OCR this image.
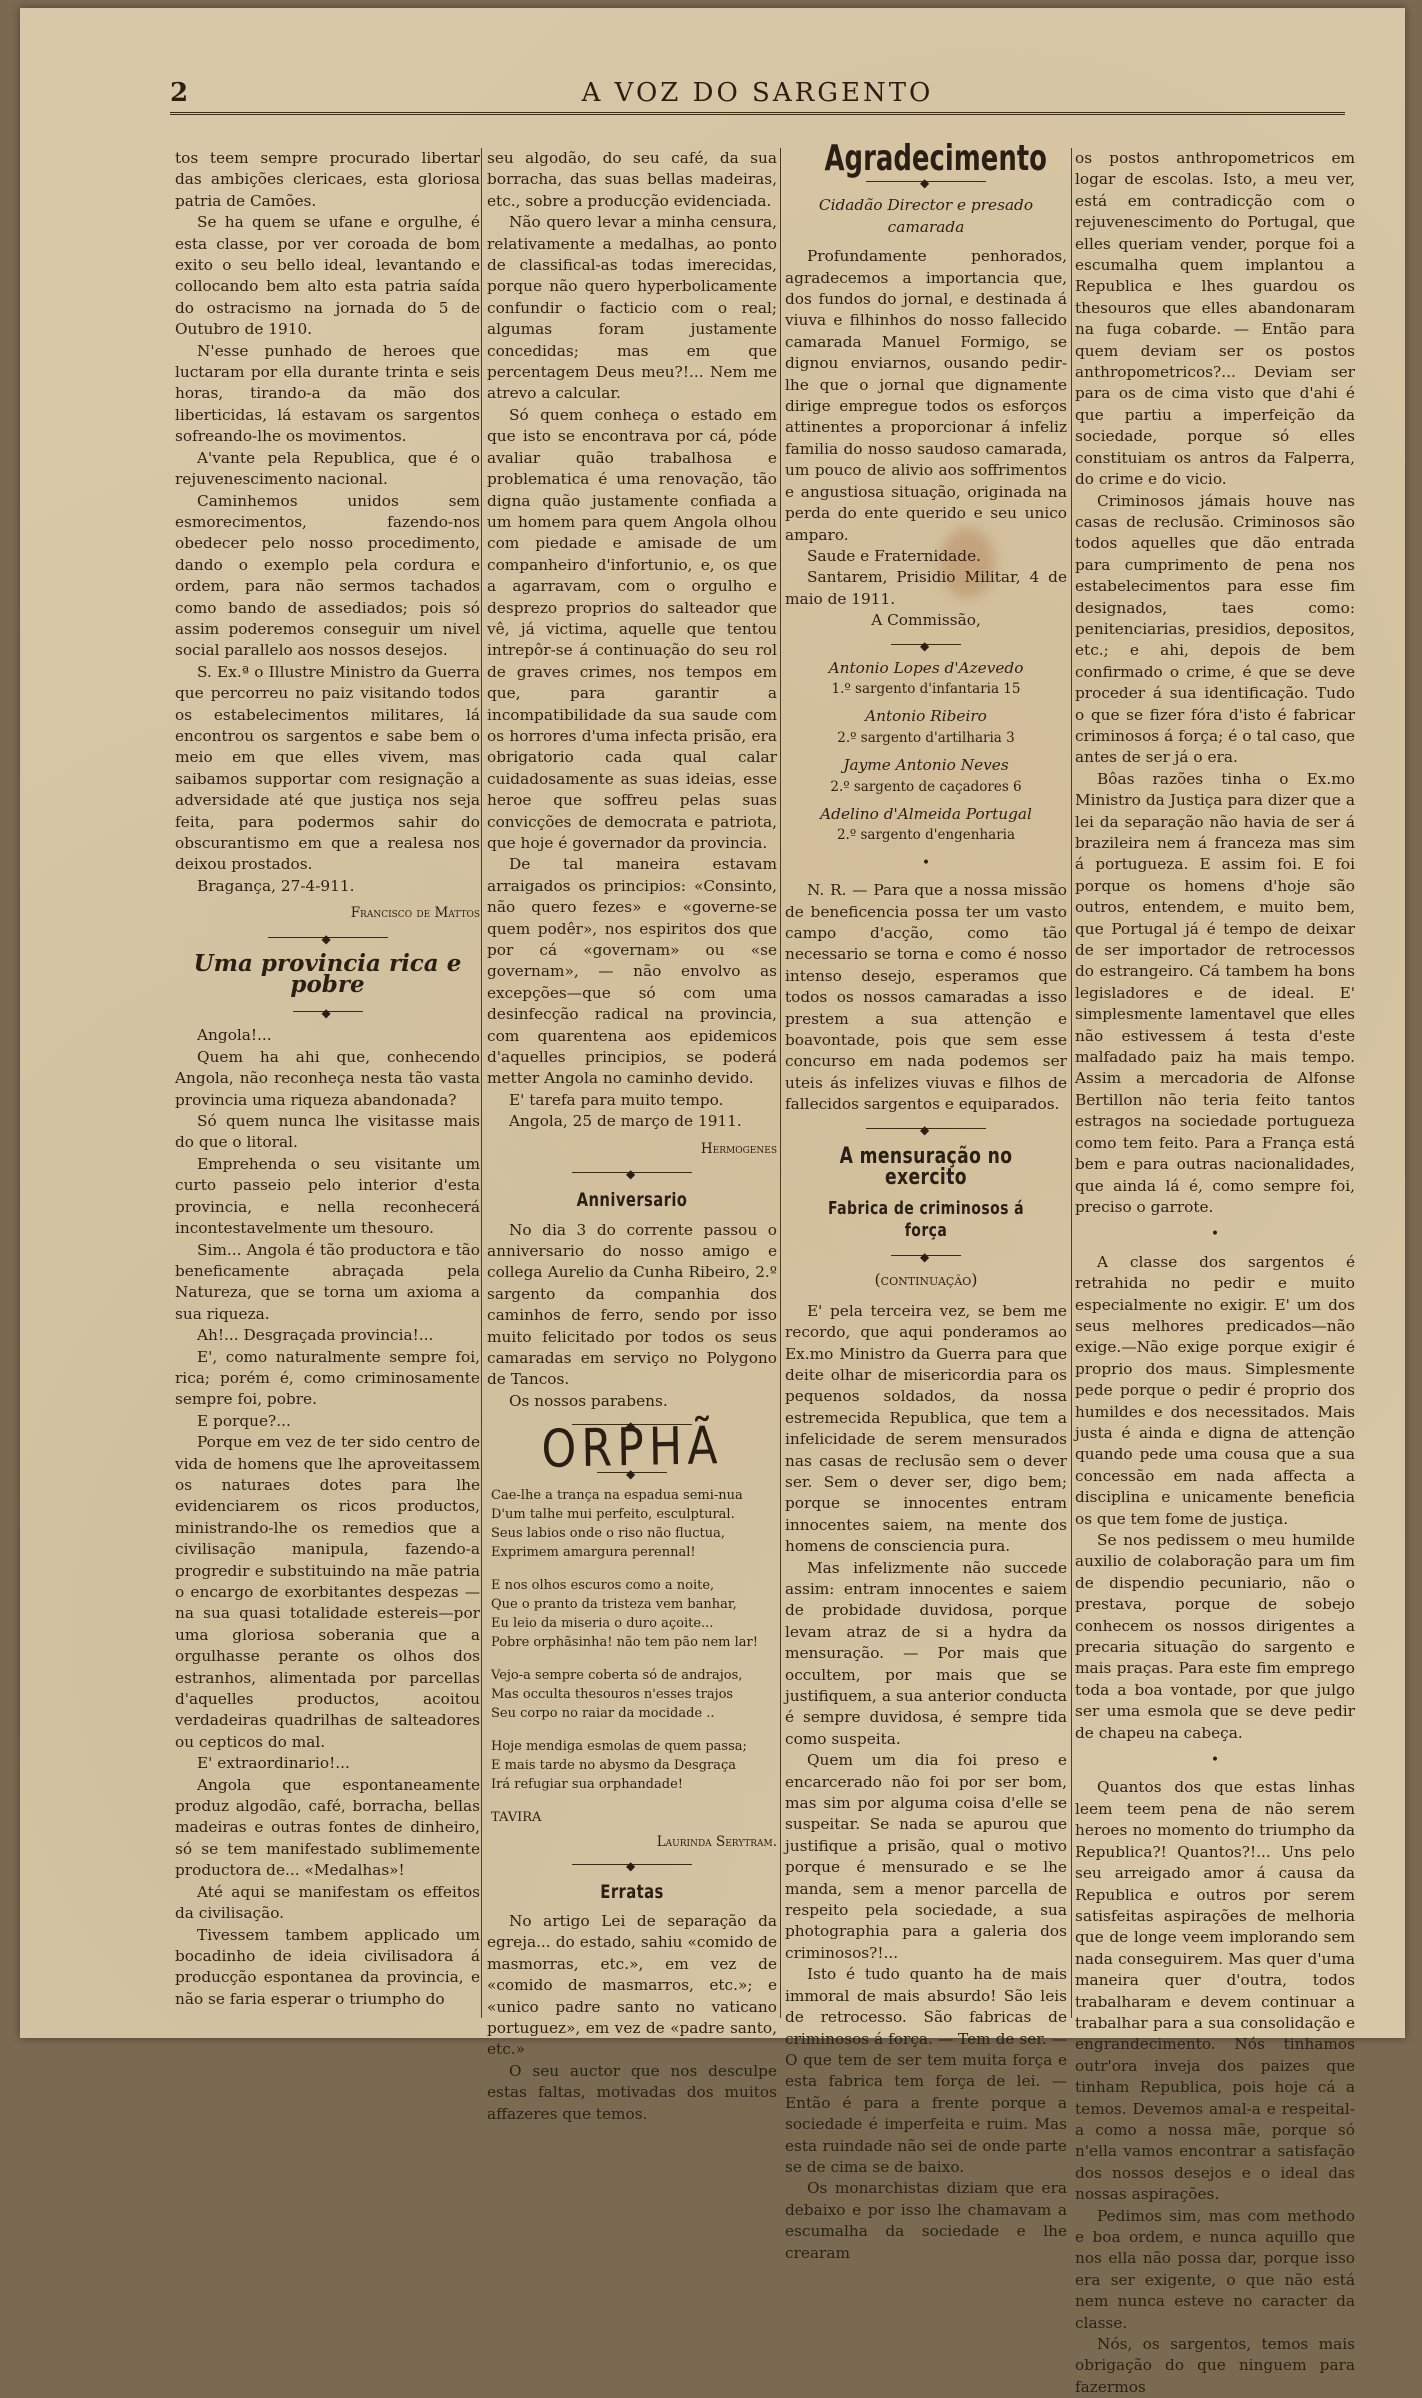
2	A VOZ DO SARGENTO

tos teem sempre procurado libertar das ambições clericaes, esta gloriosa patria de Camões.

Se ha quem se ufane e orgulhe, é esta classe, por ver coroada de bom exito o seu bello ideal, levantando e collocando bem alto esta patria saída do ostracismo na jornada do 5 de Outubro de 1910.

N'esse punhado de heroes que luctaram por ella durante trinta e seis horas, tirando-a da mão dos liberticidas, lá estavam os sargentos sofreando-lhe os movimentos.

A'vante pela Republica, que é o rejuvenescimento nacional.

Caminhemos unidos sem esmorecimentos, fazendo-nos obedecer pelo nosso procedimento, dando o exemplo pela cordura e ordem, para não sermos tachados como bando de assediados; pois só assim poderemos conseguir um nivel social parallelo aos nossos desejos.

S. Ex.ª o Illustre Ministro da Guerra que percorreu no paiz visitando todos os estabelecimentos militares, lá encontrou os sargentos e sabe bem o meio em que elles vivem, mas saibamos supportar com resignação a adversidade até que justiça nos seja feita, para podermos sahir do obscurantismo em que a realesa nos deixou prostados.

Bragança, 27-4-911.

Francisco de Mattos
◆
Uma provincia rica e pobre
◆

Angola!...

Quem ha ahi que, conhecendo Angola, não reconheça nesta tão vasta provincia uma riqueza abandonada?

Só quem nunca lhe visitasse mais do que o litoral.

Emprehenda o seu visitante um curto passeio pelo interior d'esta provincia, e nella reconhecerá incontestavelmente um thesouro.

Sim... Angola é tão productora e tão beneficamente abraçada pela Natureza, que se torna um axioma a sua riqueza.

Ah!... Desgraçada provincia!...

E', como naturalmente sempre foi, rica; porém é, como criminosamente sempre foi, pobre.

E porque?...

Porque em vez de ter sido centro de vida de homens que lhe aproveitassem os naturaes dotes para lhe evidenciarem os ricos productos, ministrando-lhe os remedios que a civilisação manipula, fazendo-a progredir e substituindo na mãe patria o encargo de exorbitantes despezas — na sua quasi totalidade estereis—por uma gloriosa soberania que a orgulhasse perante os olhos dos estranhos, alimentada por parcellas d'aquelles productos, acoitou verdadeiras quadrilhas de salteadores ou cepticos do mal.

E' extraordinario!...

Angola que espontaneamente produz algodão, café, borracha, bellas madeiras e outras fontes de dinheiro, só se tem manifestado sublimemente productora de... «Medalhas»!

Até aqui se manifestam os effeitos da civilisação.

Tivessem tambem applicado um bocadinho de ideia civilisadora á producção espontanea da provincia, e não se faria esperar o triumpho do

seu algodão, do seu café, da sua borracha, das suas bellas madeiras, etc., sobre a producção evidenciada.

Não quero levar a minha censura, relativamente a medalhas, ao ponto de classifical-as todas imerecidas, porque não quero hyperbolicamente confundir o facticio com o real; algumas foram justamente concedidas; mas em que percentagem Deus meu?!... Nem me atrevo a calcular.

Só quem conheça o estado em que isto se encontrava por cá, póde avaliar quão trabalhosa e problematica é uma renovação, tão digna quão justamente confiada a um homem para quem Angola olhou com piedade e amisade de um companheiro d'infortunio, e, os que a agarravam, com o orgulho e desprezo proprios do salteador que vê, já victima, aquelle que tentou intrepôr-se á continuação do seu rol de graves crimes, nos tempos em que, para garantir a incompatibilidade da sua saude com os horrores d'uma infecta prisão, era obrigatorio cada qual calar cuidadosamente as suas ideias, esse heroe que soffreu pelas suas convicções de democrata e patriota, que hoje é governador da provincia.

De tal maneira estavam arraigados os principios: «Consinto, não quero fezes» e «governe-se quem podêr», nos espiritos dos que por cá «governam» ou «se governam», — não envolvo as excepções—que só com uma desinfecção radical na provincia, com quarentena aos epidemicos d'aquelles principios, se poderá metter Angola no caminho devido.

E' tarefa para muito tempo.

Angola, 25 de março de 1911.

Hermogenes
◆
Anniversario

No dia 3 do corrente passou o anniversario do nosso amigo e collega Aurelio da Cunha Ribeiro, 2.º sargento da companhia dos caminhos de ferro, sendo por isso muito felicitado por todos os seus camaradas em serviço no Polygono de Tancos.

Os nossos parabens.

◆
ORPHÃ
◆
Cae-lhe a trança na espadua semi-nua
D'um talhe mui perfeito, esculptural.
Seus labios onde o riso não fluctua,
Exprimem amargura perennal!
E nos olhos escuros como a noite,
Que o pranto da tristeza vem banhar,
Eu leio da miseria o duro açoite...
Pobre orphãsinha! não tem pão nem lar!
Vejo-a sempre coberta só de andrajos,
Mas occulta thesouros n'esses trajos
Seu corpo no raiar da mocidade ..
Hoje mendiga esmolas de quem passa;
E mais tarde no abysmo da Desgraça
Irá refugiar sua orphandade!
TAVIRA
Laurinda Serytram.
◆
Erratas

No artigo Lei de separação da egreja... do estado, sahiu «comido de masmorras, etc.», em vez de «comido de masmarros, etc.»; e «unico padre santo no vaticano portuguez», em vez de «padre santo, etc.»

O seu auctor que nos desculpe estas faltas, motivadas dos muitos affazeres que temos.

Agradecimento
◆
Cidadão Director e presado camarada

Profundamente penhorados, agradecemos a importancia que, dos fundos do jornal, e destinada á viuva e filhinhos do nosso fallecido camarada Manuel Formigo, se dignou enviarnos, ousando pedir-lhe que o jornal que dignamente dirige empregue todos os esforços attinentes a proporcionar á infeliz familia do nosso saudoso camarada, um pouco de alivio aos soffrimentos e angustiosa situação, originada na perda do ente querido e seu unico amparo.

Saude e Fraternidade.

Santarem, Prisidio Militar, 4 de maio de 1911.

A Commissão,
◆
Antonio Lopes d'Azevedo
1.º sargento d'infantaria 15
Antonio Ribeiro
2.º sargento d'artilharia 3
Jayme Antonio Neves
2.º sargento de caçadores 6
Adelino d'Almeida Portugal
2.º sargento d'engenharia
•

N. R. — Para que a nossa missão de beneficencia possa ter um vasto campo d'acção, como tão necessario se torna e como é nosso intenso desejo, esperamos que todos os nossos camaradas a isso prestem a sua attenção e boavontade, pois que sem esse concurso em nada podemos ser uteis ás infelizes viuvas e filhos de fallecidos sargentos e equiparados.

◆
A mensuração no exercito
Fabrica de criminosos á força
◆
(continuação)

E' pela terceira vez, se bem me recordo, que aqui ponderamos ao Ex.mo Ministro da Guerra para que deite olhar de misericordia para os pequenos soldados, da nossa estremecida Republica, que tem a infelicidade de serem mensurados nas casas de reclusão sem o dever ser. Sem o dever ser, digo bem; porque se innocentes entram innocentes saiem, na mente dos homens de consciencia pura.

Mas infelizmente não succede assim: entram innocentes e saiem de probidade duvidosa, porque levam atraz de si a hydra da mensuração. — Por mais que occultem, por mais que se justifiquem, a sua anterior conducta é sempre duvidosa, é sempre tida como suspeita.

Quem um dia foi preso e encarcerado não foi por ser bom, mas sim por alguma coisa d'elle se suspeitar. Se nada se apurou que justifique a prisão, qual o motivo porque é mensurado e se lhe manda, sem a menor parcella de respeito pela sociedade, a sua photographia para a galeria dos criminosos?!...

Isto é tudo quanto ha de mais immoral de mais absurdo! São leis de retrocesso. São fabricas de criminosos á força. — Tem de ser. — O que tem de ser tem muita força e esta fabrica tem força de lei. — Então é para a frente porque a sociedade é imperfeita e ruim. Mas esta ruindade não sei de onde parte se de cima se de baixo.

Os monarchistas diziam que era debaixo e por isso lhe chamavam a escumalha da sociedade e lhe crearam

os postos anthropometricos em logar de escolas. Isto, a meu ver, está em contradicção com o rejuvenescimento do Portugal, que elles queriam vender, porque foi a escumalha quem implantou a Republica e lhes guardou os thesouros que elles abandonaram na fuga cobarde. — Então para quem deviam ser os postos anthropometricos?... Deviam ser para os de cima visto que d'ahi é que partiu a imperfeição da sociedade, porque só elles constituiam os antros da Falperra, do crime e do vicio.

Criminosos jámais houve nas casas de reclusão. Criminosos são todos aquelles que dão entrada para cumprimento de pena nos estabelecimentos para esse fim designados, taes como: penitenciarias, presidios, depositos, etc.; e ahi, depois de bem confirmado o crime, é que se deve proceder á sua identificação. Tudo o que se fizer fóra d'isto é fabricar criminosos á força; é o tal caso, que antes de ser já o era.

Bôas razões tinha o Ex.mo Ministro da Justiça para dizer que a lei da separação não havia de ser á brazileira nem á franceza mas sim á portugueza. E assim foi. E foi porque os homens d'hoje são outros, entendem, e muito bem, que Portugal já é tempo de deixar de ser importador de retrocessos do estrangeiro. Cá tambem ha bons legisladores e de ideal. E' simplesmente lamentavel que elles não estivessem á testa d'este malfadado paiz ha mais tempo. Assim a mercadoria de Alfonse Bertillon não teria feito tantos estragos na sociedade portugueza como tem feito. Para a França está bem e para outras nacionalidades, que ainda lá é, como sempre foi, preciso o garrote.

•

A classe dos sargentos é retrahida no pedir e muito especialmente no exigir. E' um dos seus melhores predicados—não exige.—Não exige porque exigir é proprio dos maus. Simplesmente pede porque o pedir é proprio dos humildes e dos necessitados. Mais justa é ainda e digna de attenção quando pede uma cousa que a sua concessão em nada affecta a disciplina e unicamente beneficia os que tem fome de justiça.

Se nos pedissem o meu humilde auxilio de colaboração para um fim de dispendio pecuniario, não o prestava, porque de sobejo conhecem os nossos dirigentes a precaria situação do sargento e mais praças. Para este fim emprego toda a boa vontade, por que julgo ser uma esmola que se deve pedir de chapeu na cabeça.

•

Quantos dos que estas linhas leem teem pena de não serem heroes no momento do triumpho da Republica?! Quantos?!... Uns pelo seu arreigado amor á causa da Republica e outros por serem satisfeitas aspirações de melhoria que de longe veem implorando sem nada conseguirem. Mas quer d'uma maneira quer d'outra, todos trabalharam e devem continuar a trabalhar para a sua consolidação e engrandecimento. Nós tinhamos outr'ora inveja dos paizes que tinham Republica, pois hoje cá a temos. Devemos amal-a e respeital-a como a nossa mãe, porque só n'ella vamos encontrar a satisfação dos nossos desejos e o ideal das nossas aspirações.

Pedimos sim, mas com methodo e boa ordem, e nunca aquillo que nos ella não possa dar, porque isso era ser exigente, o que não está nem nunca esteve no caracter da classe.

Nós, os sargentos, temos mais obrigação do que ninguem para fazermos
